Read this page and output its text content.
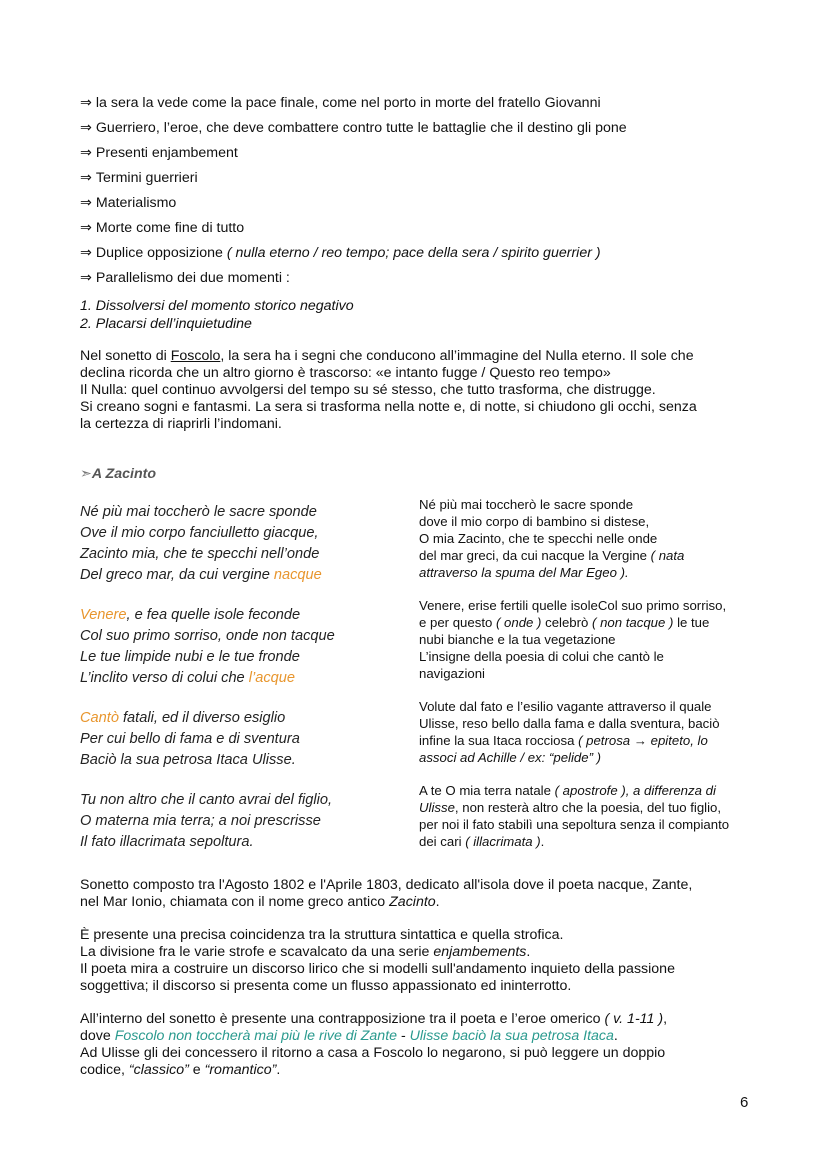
⇒ la sera la vede come la pace finale, come nel porto in morte del fratello Giovanni
⇒ Guerriero, l’eroe, che deve combattere contro tutte le battaglie che il destino gli pone
⇒ Presenti enjambement
⇒ Termini guerrieri
⇒ Materialismo
⇒ Morte come fine di tutto
⇒ Duplice opposizione ( nulla eterno / reo tempo; pace della sera / spirito guerrier )
⇒ Parallelismo dei due momenti :
1. Dissolversi del momento storico negativo
2. Placarsi dell’inquietudine

Nel sonetto di Foscolo, la sera ha i segni che conducono all’immagine del Nulla eterno. Il sole che

declina ricorda che un altro giorno è trascorso: «e intanto fugge / Questo reo tempo»

Il Nulla: quel continuo avvolgersi del tempo su sé stesso, che tutto trasforma, che distrugge.

Si creano sogni e fantasmi. La sera si trasforma nella notte e, di notte, si chiudono gli occhi, senza

la certezza di riaprirli l’indomani.

➣A Zacinto
Né più mai toccherò le sacre sponde
Ove il mio corpo fanciulletto giacque,
Zacinto mia, che te specchi nell’onde
Del greco mar, da cui vergine nacque
Venere, e fea quelle isole feconde
Col suo primo sorriso, onde non tacque
Le tue limpide nubi e le tue fronde
L’inclito verso di colui che l’acque
Cantò fatali, ed il diverso esiglio
Per cui bello di fama e di sventura
Baciò la sua petrosa Itaca Ulisse.
Tu non altro che il canto avrai del figlio,
O materna mia terra; a noi prescrisse
Il fato illacrimata sepoltura.
Né più mai toccherò le sacre sponde
dove il mio corpo di bambino si distese,
O mia Zacinto, che te specchi nelle onde
del mar greci, da cui nacque la Vergine ( nata
attraverso la spuma del Mar Egeo ).
Venere, erise fertili quelle isoleCol suo primo sorriso,
e per questo ( onde ) celebrò ( non tacque ) le tue
nubi bianche e la tua vegetazione
L’insigne della poesia di colui che cantò le
navigazioni
Volute dal fato e l’esilio vagante attraverso il quale
Ulisse, reso bello dalla fama e dalla sventura, baciò
infine la sua Itaca rocciosa ( petrosa → epiteto, lo
associ ad Achille / ex: “pelide” )
A te O mia terra natale ( apostrofe ), a differenza di
Ulisse, non resterà altro che la poesia, del tuo figlio,
per noi il fato stabilì una sepoltura senza il compianto
dei cari ( illacrimata ).
Sonetto composto tra l'Agosto 1802 e l'Aprile 1803, dedicato all'isola dove il poeta nacque, Zante,
nel Mar Ionio, chiamata con il nome greco antico Zacinto.
È presente una precisa coincidenza tra la struttura sintattica e quella strofica.
La divisione fra le varie strofe e scavalcato da una serie enjambements.
Il poeta mira a costruire un discorso lirico che si modelli sull'andamento inquieto della passione
soggettiva; il discorso si presenta come un flusso appassionato ed ininterrotto.
All’interno del sonetto è presente una contrapposizione tra il poeta e l’eroe omerico ( v. 1-11 ),
dove Foscolo non toccherà mai più le rive di Zante - Ulisse baciò la sua petrosa Itaca.
Ad Ulisse gli dei concessero il ritorno a casa a Foscolo lo negarono, si può leggere un doppio
codice, “classico” e “romantico”.
6
